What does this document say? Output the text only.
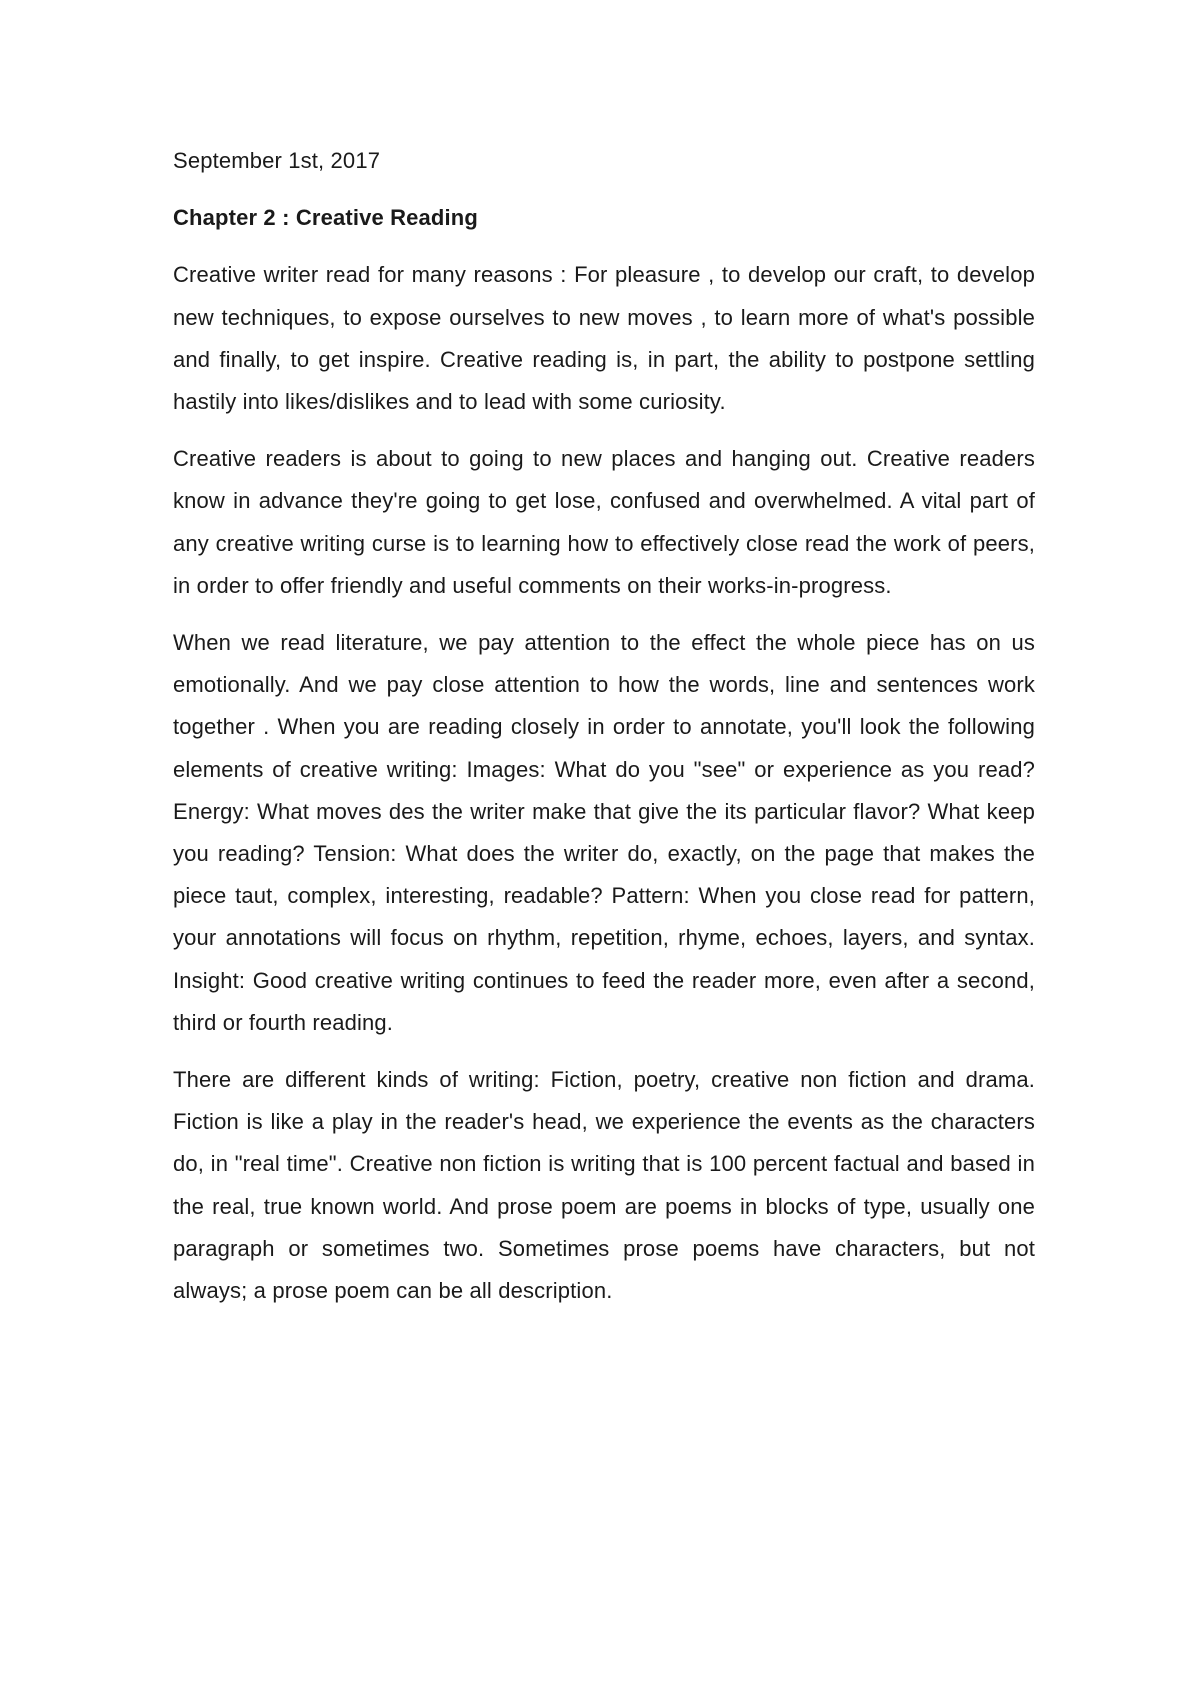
September 1st, 2017

Chapter 2 : Creative Reading

Creative writer read for many reasons : For pleasure , to develop our craft, to develop new techniques, to expose ourselves to new moves , to learn more of what's possible and finally, to get inspire. Creative reading is, in part, the ability to postpone settling hastily into likes/dislikes and to lead with some curiosity.

Creative readers is about to going to new places and hanging out. Creative readers know in advance they're going to get lose, confused and overwhelmed. A vital part of any creative writing curse is to learning how to effectively close read the work of peers, in order to offer friendly and useful comments on their works-in-progress.

When we read literature, we pay attention to the effect the whole piece has on us emotionally. And we pay close attention to how the words, line and sentences work together . When you are reading closely in order to annotate, you'll look the following elements of creative writing: Images: What do you "see" or experience as you read? Energy: What moves des the writer make that give the its particular flavor? What keep you reading? Tension: What does the writer do, exactly, on the page that makes the piece taut, complex, interesting, readable? Pattern: When you close read for pattern, your annotations will focus on rhythm, repetition, rhyme, echoes, layers, and syntax. Insight: Good creative writing continues to feed the reader more, even after a second, third or fourth reading.

There are different kinds of writing: Fiction, poetry, creative non fiction and drama. Fiction is like a play in the reader's head, we experience the events as the characters do, in "real time". Creative non fiction is writing that is 100 percent factual and based in the real, true known world. And prose poem are poems in blocks of type, usually one paragraph or sometimes two. Sometimes prose poems have characters, but not always; a prose poem can be all description.
